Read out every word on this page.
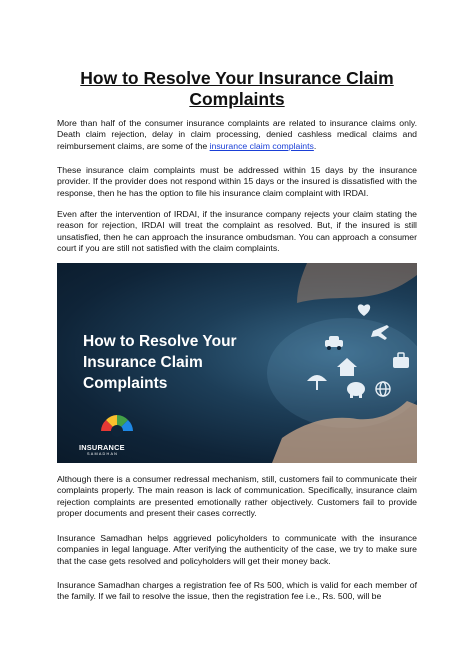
How to Resolve Your Insurance Claim
Complaints

More than half of the consumer insurance complaints are related to insurance claims only. Death claim rejection, delay in claim processing, denied cashless medical claims and reimbursement claims, are some of the insurance claim complaints.

These insurance claim complaints must be addressed within 15 days by the insurance provider. If the provider does not respond within 15 days or the insured is dissatisfied with the response, then he has the option to file his insurance claim complaint with IRDAI.

Even after the intervention of IRDAI, if the insurance company rejects your claim stating the reason for rejection, IRDAI will treat the complaint as resolved. But, if the insured is still unsatisfied, then he can approach the insurance ombudsman. You can approach a consumer court if you are still not satisfied with the claim complaints.

How to Resolve Your
Insurance Claim
Complaints
INSURANCE
SAMADHAN

Although there is a consumer redressal mechanism, still, customers fail to communicate their complaints properly. The main reason is lack of communication. Specifically, insurance claim rejection complaints are presented emotionally rather objectively. Customers fail to provide proper documents and present their cases correctly.

Insurance Samadhan helps aggrieved policyholders to communicate with the insurance companies in legal language. After verifying the authenticity of the case, we try to make sure that the case gets resolved and policyholders will get their money back.

Insurance Samadhan charges a registration fee of Rs 500, which is valid for each member of the family. If we fail to resolve the issue, then the registration fee i.e., Rs. 500, will be
